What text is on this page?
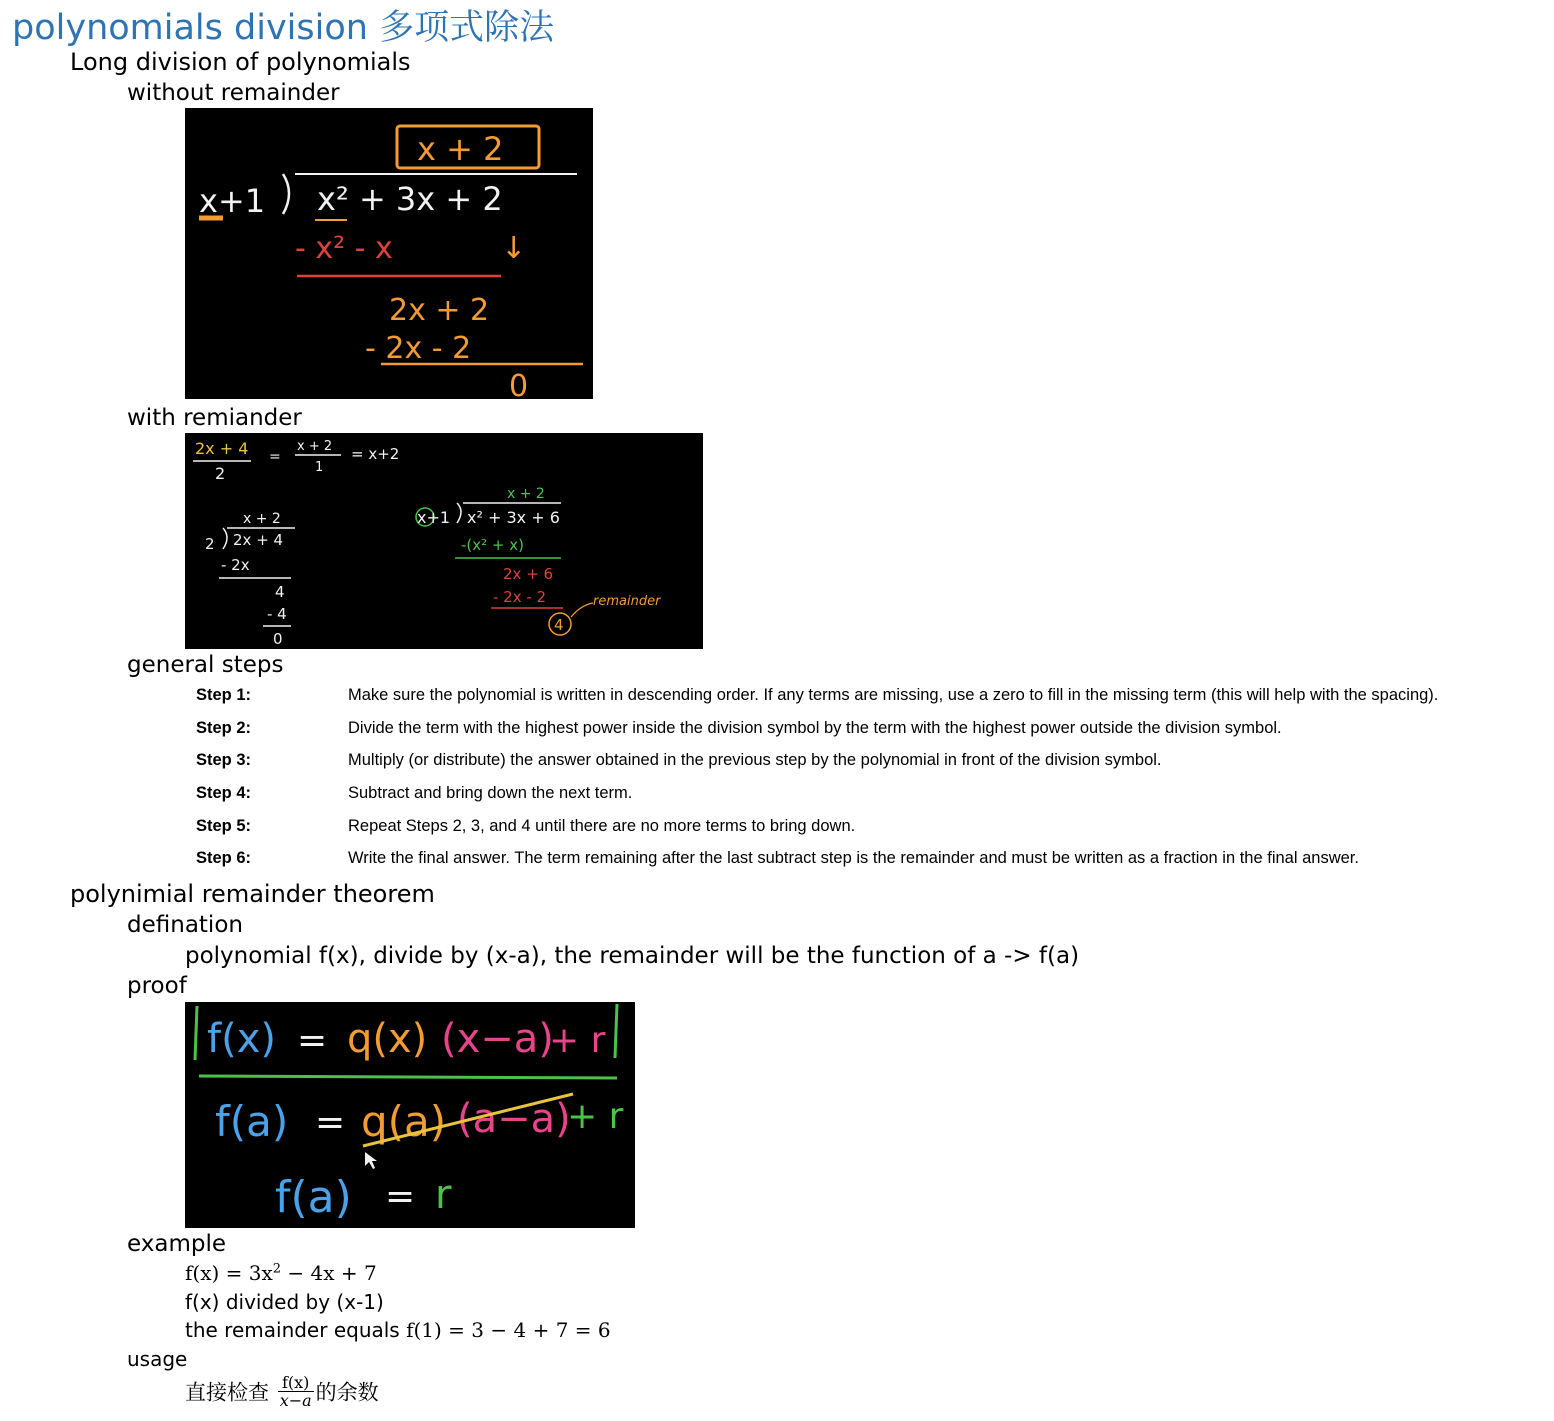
polynomials division 多项式除法
Long division of polynomials
without remainder
x + 2
x+1 x² + 3x + 2
- x² - x	↓
2x + 2
- 2x - 2
0
with remiander
2x + 4
2
=
x + 2
1
= x+2
x + 2
2 2x + 4
- 2x
4
- 4
0
x + 2
x+1 x² + 3x + 6
-(x² + x)
2x + 6
- 2x - 2
4
remainder
general steps
Step 1:	Make sure the polynomial is written in descending order. If any terms are missing, use a zero to fill in the missing term (this will help with the spacing).
Step 2:	Divide the term with the highest power inside the division symbol by the term with the highest power outside the division symbol.
Step 3:	Multiply (or distribute) the answer obtained in the previous step by the polynomial in front of the division symbol.
Step 4:	Subtract and bring down the next term.
Step 5:	Repeat Steps 2, 3, and 4 until there are no more terms to bring down.
Step 6:	Write the final answer. The term remaining after the last subtract step is the remainder and must be written as a fraction in the final answer.
polynimial remainder theorem
defination
polynomial f(x), divide by (x-a), the remainder will be the function of a -> f(a)
proof
f(x) = q(x) (x−a)
+ r
f(a) = q(a) (a−a)
+ r
f(a) = r
example
$f(x) = 3x^2 - 4x + 7$
f(x) divided by (x-1)
the remainder equals f(1) = 3 − 4 + 7 = 6
usage
直接检查 $\frac{f(x)}{x-a}$ 的余数
